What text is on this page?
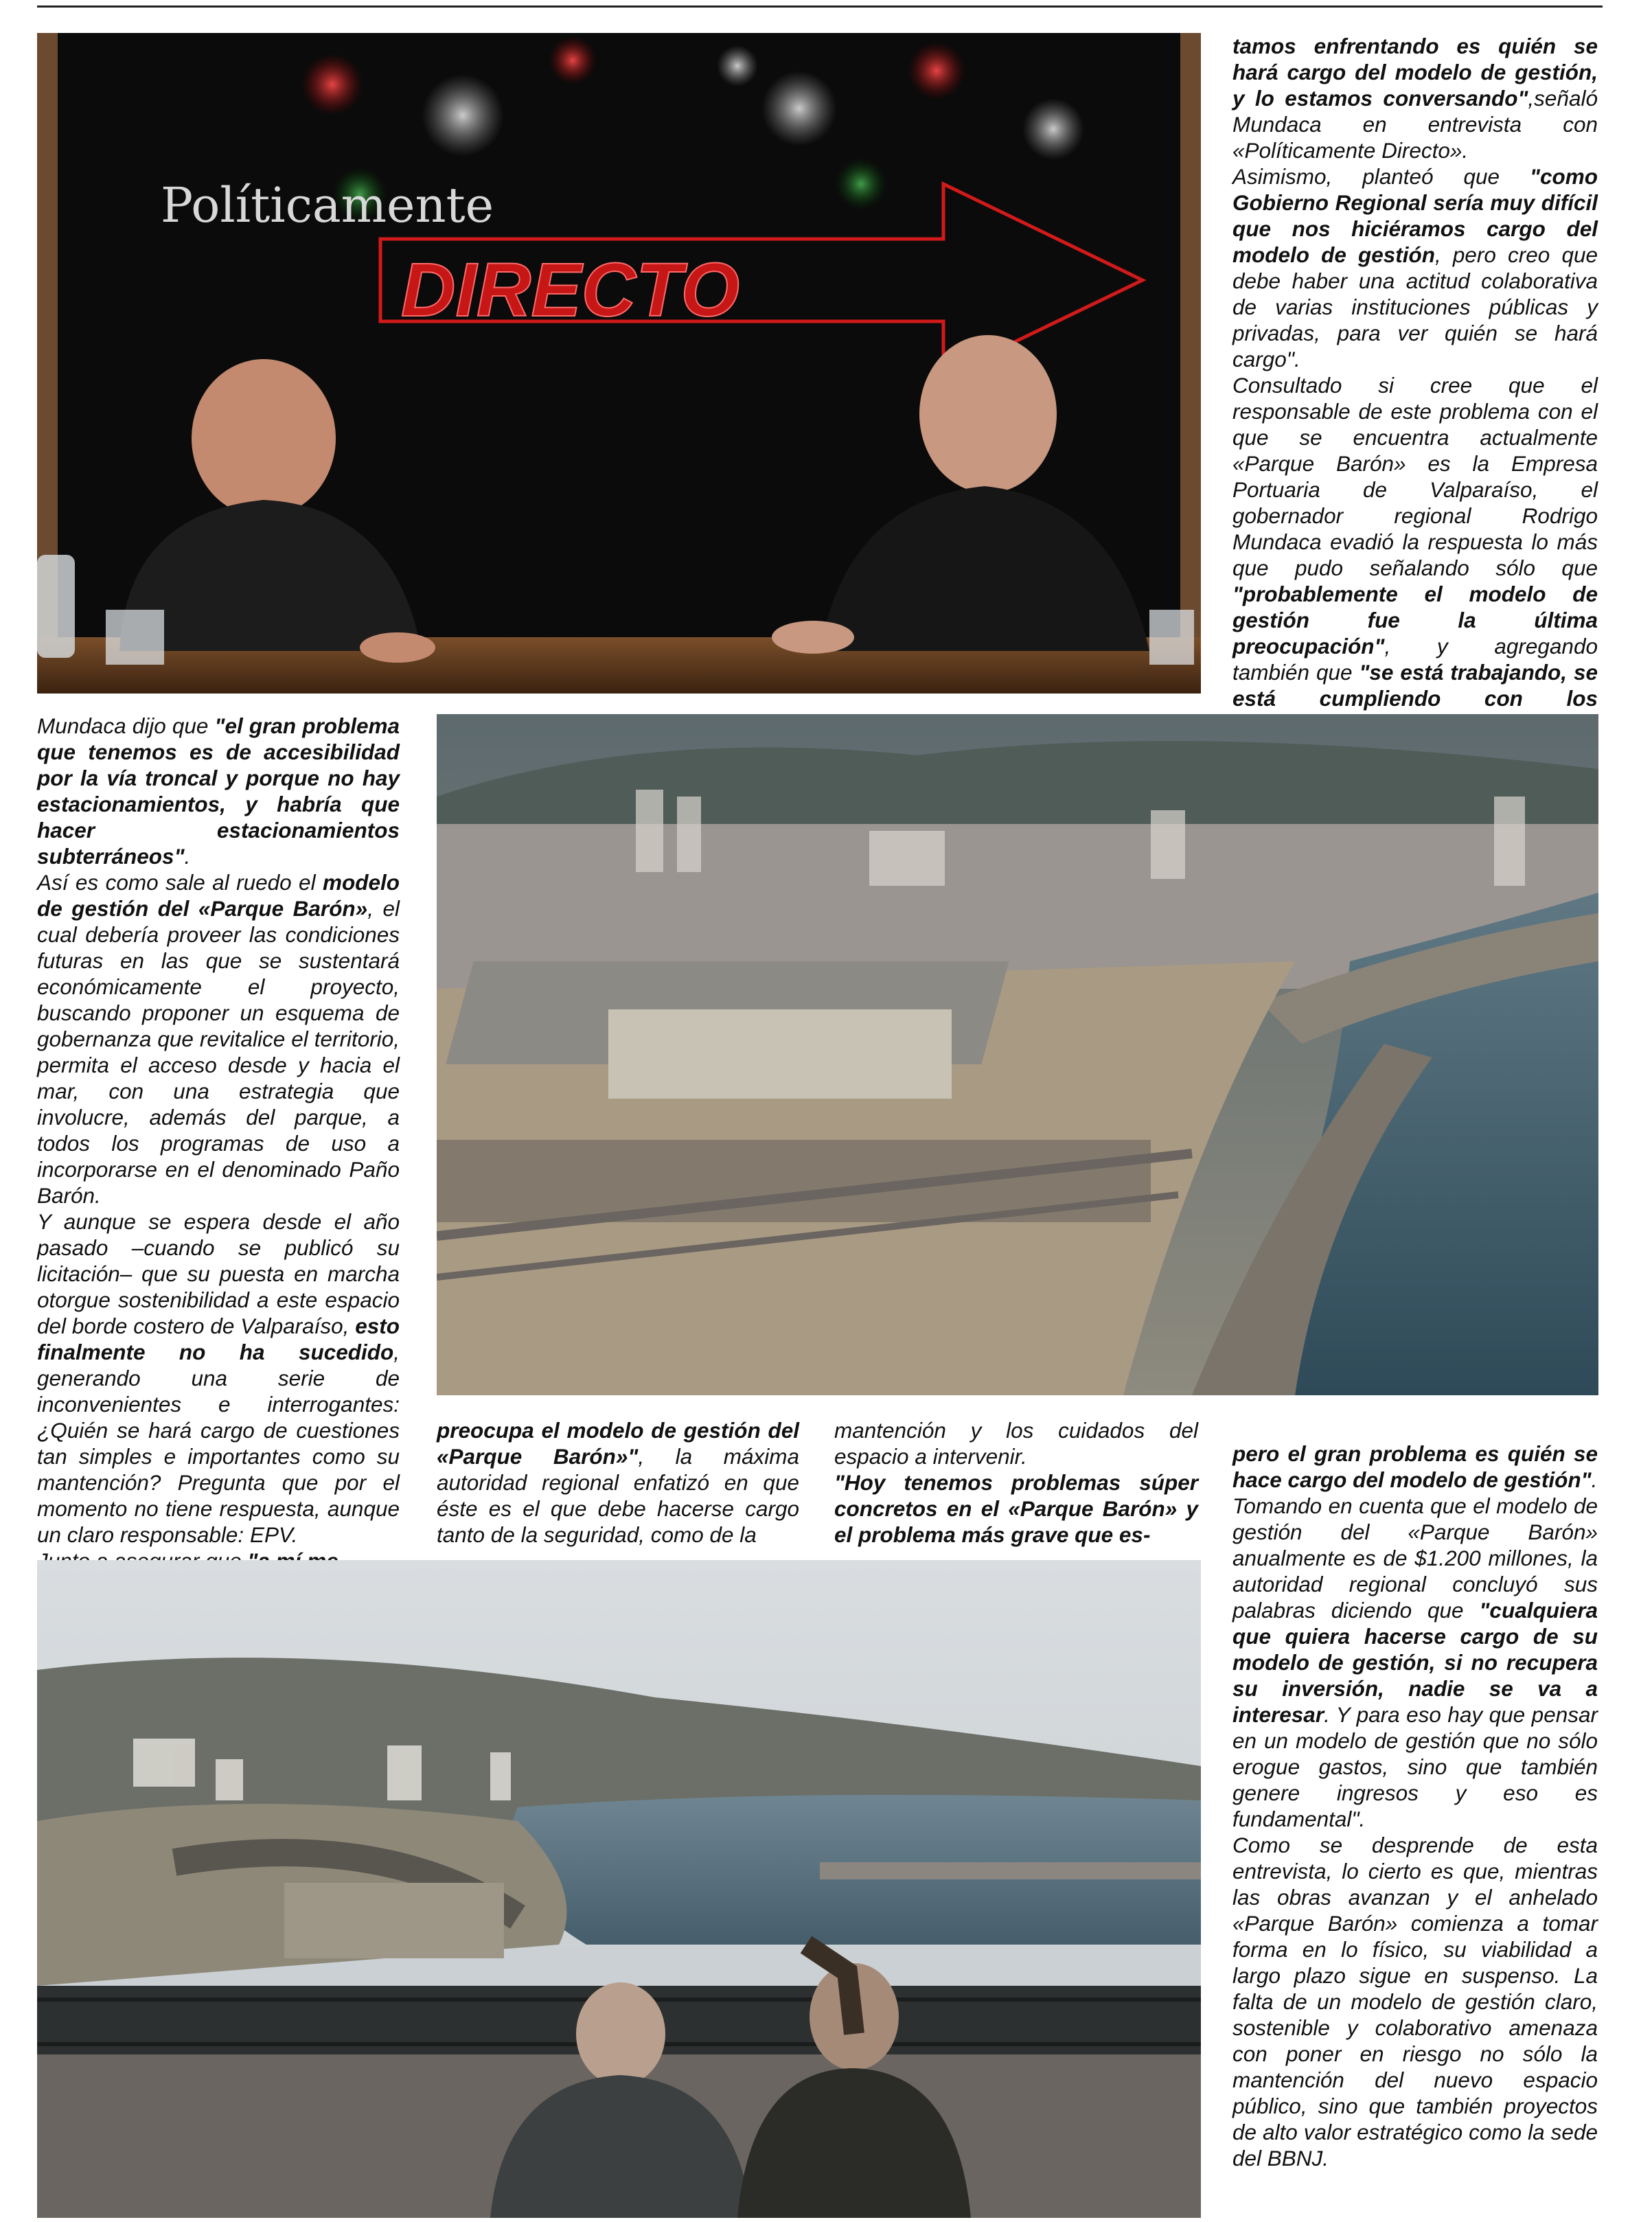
Políticamente
DIRECTO

tamos enfrentando es quién se hará cargo del modelo de gestión, y lo estamos conversando",señaló Mundaca en entrevista con «Políticamente Directo».

Asimismo, planteó que "como Gobierno Regional sería muy difícil que nos hiciéramos cargo del modelo de gestión, pero creo que debe haber una actitud colaborativa de varias instituciones públicas y privadas, para ver quién se hará cargo".

Consultado si cree que el responsable de este problema con el que se encuentra actualmente «Parque Barón» es la Empresa Portuaria de Valparaíso, el gobernador regional Rodrigo Mundaca evadió la respuesta lo más que pudo señalando sólo que "probablemente el modelo de gestión fue la última preocupación", y agregando también que "se está trabajando, se está cumpliendo con los

Mundaca dijo que "el gran problema que tenemos es de accesibilidad por la vía troncal y porque no hay estacionamientos, y habría que hacer estacionamientos subterráneos".

Así es como sale al ruedo el modelo de gestión del «Parque Barón», el cual debería proveer las condiciones futuras en las que se sustentará económicamente el proyecto, buscando proponer un esquema de gobernanza que revitalice el territorio, permita el acceso desde y hacia el mar, con una estrategia que involucre, además del parque, a todos los programas de uso a incorporarse en el denominado Paño Barón.

Y aunque se espera desde el año pasado –cuando se publicó su licitación– que su puesta en marcha otorgue sostenibilidad a este espacio del borde costero de Valparaíso, esto finalmente no ha sucedido, generando una serie de inconvenientes e interrogantes: ¿Quién se hará cargo de cuestiones tan simples e importantes como su mantención? Pregunta que por el momento no tiene respuesta, aunque un claro responsable: EPV.

preocupa el modelo de gestión del «Parque Barón»", la máxima autoridad regional enfatizó en que éste es el que debe hacerse cargo tanto de la seguridad, como de la

mantención y los cuidados del espacio a intervenir.

"Hoy tenemos problemas súper concretos en el «Parque Barón» y el problema más grave que es-

pero el gran problema es quién se hace cargo del modelo de gestión".

Tomando en cuenta que el modelo de gestión del «Parque Barón» anualmente es de $1.200 millones, la autoridad regional concluyó sus palabras diciendo que "cualquiera que quiera hacerse cargo de su modelo de gestión, si no recupera su inversión, nadie se va a interesar. Y para eso hay que pensar en un modelo de gestión que no sólo erogue gastos, sino que también genere ingresos y eso es fundamental".

Como se desprende de esta entrevista, lo cierto es que, mientras las obras avanzan y el anhelado «Parque Barón» comienza a tomar forma en lo físico, su viabilidad a largo plazo sigue en suspenso. La falta de un modelo de gestión claro, sostenible y colaborativo amenaza con poner en riesgo no sólo la mantención del nuevo espacio público, sino que también proyectos de alto valor estratégico como la sede del BBNJ.
